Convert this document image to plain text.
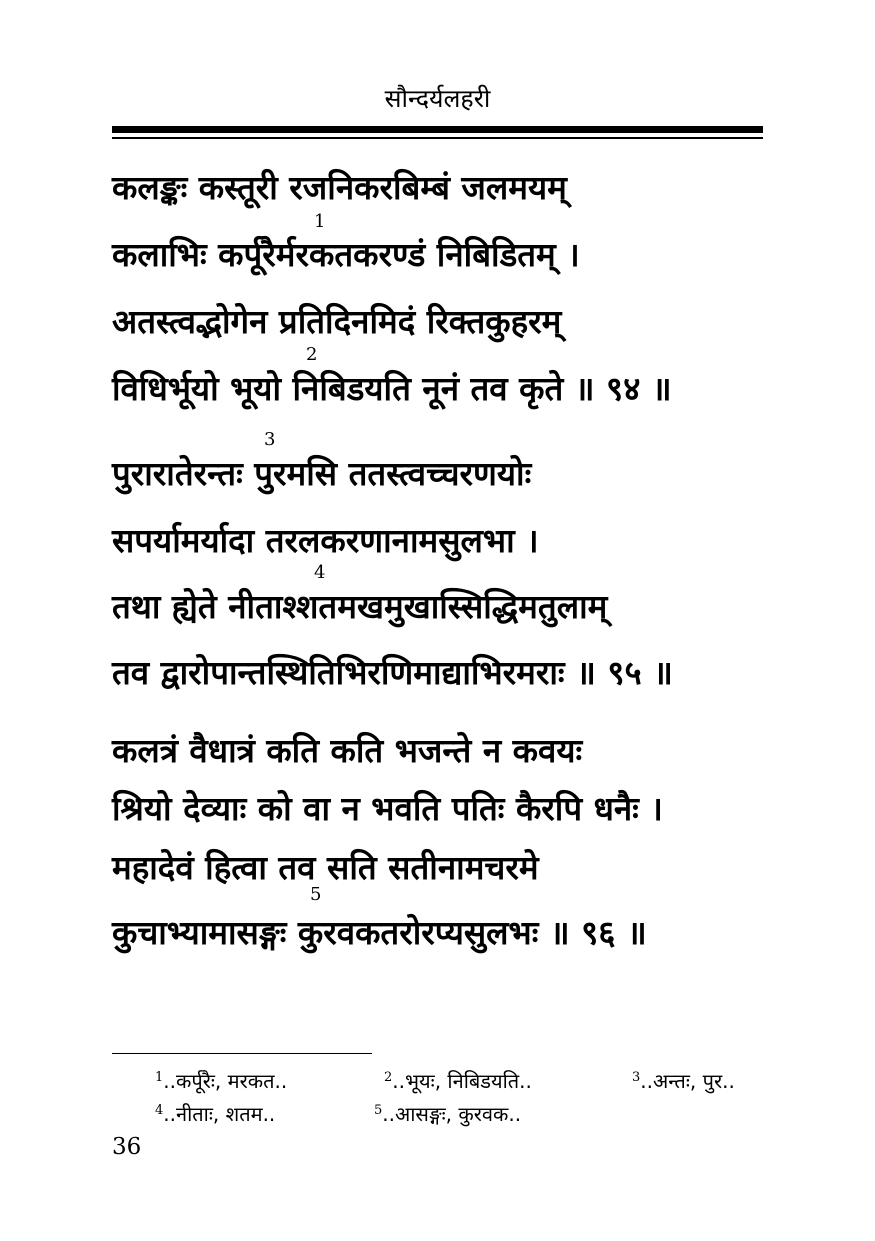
सौन्दर्यलहरी
कलङ्कः कस्तूरी रजनिकरबिम्बं जलमयम्
कलाभिः कर्पूरैर्मरकतकरण्डं निबिडितम् ।
अतस्त्वद्भोगेन प्रतिदिनमिदं रिक्तकुहरम्
विधिर्भूयो भूयो निबिडयति नूनं तव कृते ॥ ९४ ॥
पुरारातेरन्तः पुरमसि ततस्त्वच्चरणयोः
सपर्यामर्यादा तरलकरणानामसुलभा ।
तथा ह्येते नीताश्शतमखमुखास्सिद्धिमतुलाम्
तव द्वारोपान्तस्थितिभिरणिमाद्याभिरमराः ॥ ९५ ॥
कलत्रं वैधात्रं कति कति भजन्ते न कवयः
श्रियो देव्याः को वा न भवति पतिः कैरपि धनैः ।
महादेवं हित्वा तव सति सतीनामचरमे
कुचाभ्यामासङ्गः कुरवकतरोरप्यसुलभः ॥ ९६ ॥
1
2
3
4
5
$^1$..कर्पूरैः, मरकत..	$^2$..भूयः, निबिडयति..	$^3$..अन्तः, पुर..
$^4$..नीताः, शतम..	$^5$..आसङ्गः, कुरवक..
36
